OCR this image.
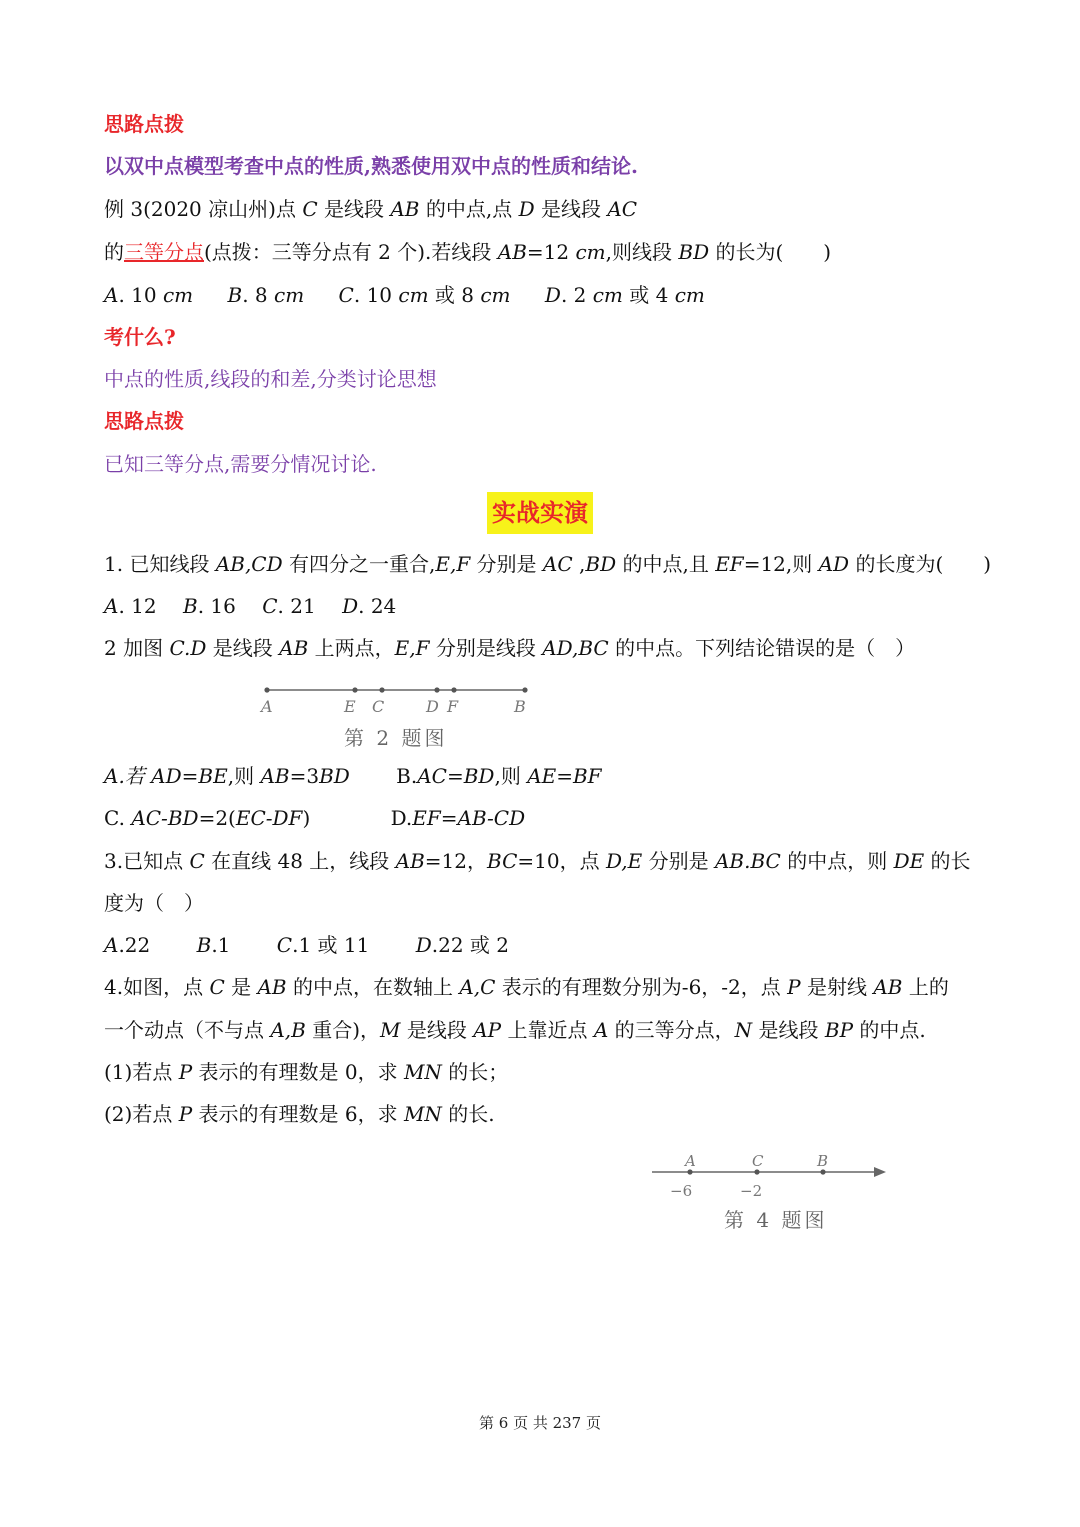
思路点拨
以双中点模型考查中点的性质,熟悉使用双中点的性质和结论.
例 3(2020 凉山州)点 C 是线段 AB 的中点,点 D 是线段 AC
的三等分点(点拨：三等分点有 2 个).若线段 AB=12 cm,则线段 BD 的长为(　　)
A. 10 cm B. 8 cm C. 10 cm 或 8 cm D. 2 cm 或 4 cm
考什么?
中点的性质,线段的和差,分类讨论思想
思路点拨
已知三等分点,需要分情况讨论.
实战实演
1. 已知线段 AB,CD 有四分之一重合,E,F 分别是 AC ,BD 的中点,且 EF=12,则 AD 的长度为(　　)
A. 12 B. 16 C. 21 D. 24
2 加图 C.D 是线段 AB 上两点，E,F 分别是线段 AD,BC 的中点。下列结论错误的是（　）
A	E C	D F	B
第 2 题图
A.若 AD=BE,则 AB=3BD B.AC=BD,则 AE=BF
C. AC-BD=2(EC-DF)	D.EF=AB-CD
3.已知点 C 在直线 48 上，线段 AB=12，BC=10，点 D,E 分别是 AB.BC 的中点，则 DE 的长
度为（　）
A.22 B.1 C.1 或 11 D.22 或 2
4.如图，点 C 是 AB 的中点，在数轴上 A,C 表示的有理数分别为-6，-2，点 P 是射线 AB 上的
一个动点（不与点 A,B 重合)，M 是线段 AP 上靠近点 A 的三等分点，N 是线段 BP 的中点.
(1)若点 P 表示的有理数是 0，求 MN 的长；
(2)若点 P 表示的有理数是 6，求 MN 的长.
A	C	B
−6	−2
第 4 题图
第 6 页 共 237 页
